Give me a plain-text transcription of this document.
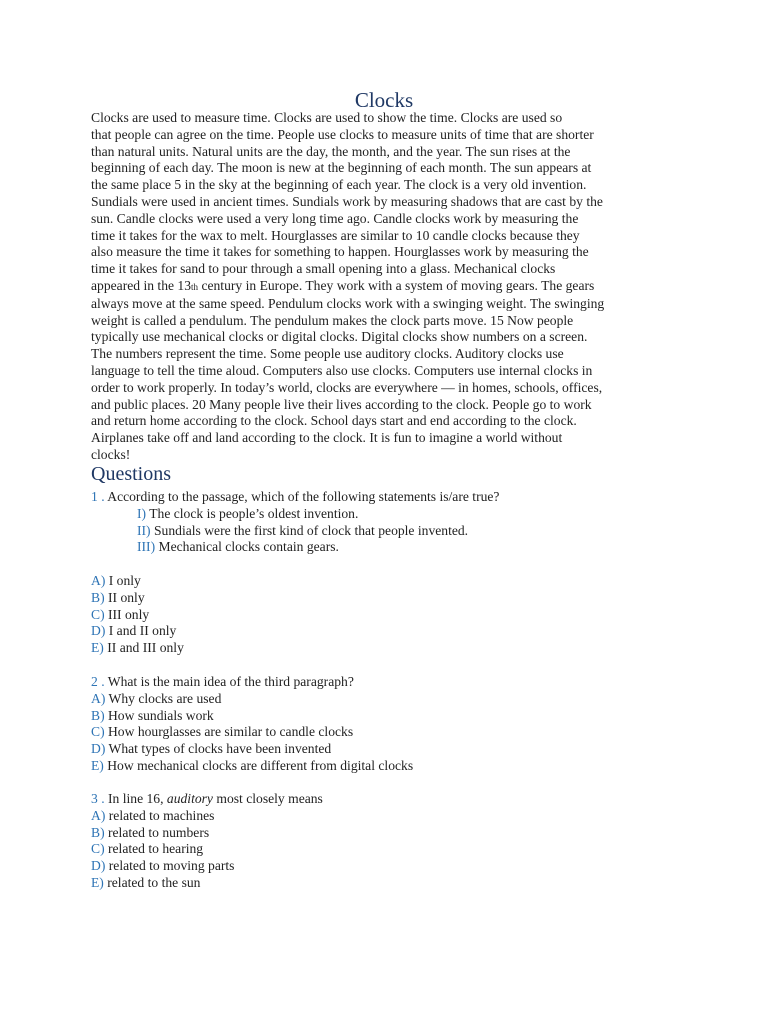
Clocks
Clocks are used to measure time. Clocks are used to show the time. Clocks are used so
that people can agree on the time. People use clocks to measure units of time that are shorter
than natural units. Natural units are the day, the month, and the year. The sun rises at the
beginning of each day. The moon is new at the beginning of each month. The sun appears at
the same place 5 in the sky at the beginning of each year. The clock is a very old invention.
Sundials were used in ancient times. Sundials work by measuring shadows that are cast by the
sun. Candle clocks were used a very long time ago. Candle clocks work by measuring the
time it takes for the wax to melt. Hourglasses are similar to 10 candle clocks because they
also measure the time it takes for something to happen. Hourglasses work by measuring the
time it takes for sand to pour through a small opening into a glass. Mechanical clocks
appeared in the 13th century in Europe. They work with a system of moving gears. The gears
always move at the same speed. Pendulum clocks work with a swinging weight. The swinging
weight is called a pendulum. The pendulum makes the clock parts move. 15 Now people
typically use mechanical clocks or digital clocks. Digital clocks show numbers on a screen.
The numbers represent the time. Some people use auditory clocks. Auditory clocks use
language to tell the time aloud. Computers also use clocks. Computers use internal clocks in
order to work properly. In today’s world, clocks are everywhere — in homes, schools, offices,
and public places. 20 Many people live their lives according to the clock. People go to work
and return home according to the clock. School days start and end according to the clock.
Airplanes take off and land according to the clock. It is fun to imagine a world without
clocks!
Questions
1 . According to the passage, which of the following statements is/are true?
I) The clock is people’s oldest invention.
II) Sundials were the first kind of clock that people invented.
III) Mechanical clocks contain gears.
A) I only
B) II only
C) III only
D) I and II only
E) II and III only
2 . What is the main idea of the third paragraph?
A) Why clocks are used
B) How sundials work
C) How hourglasses are similar to candle clocks
D) What types of clocks have been invented
E) How mechanical clocks are different from digital clocks
3 . In line 16, auditory most closely means
A) related to machines
B) related to numbers
C) related to hearing
D) related to moving parts
E) related to the sun
